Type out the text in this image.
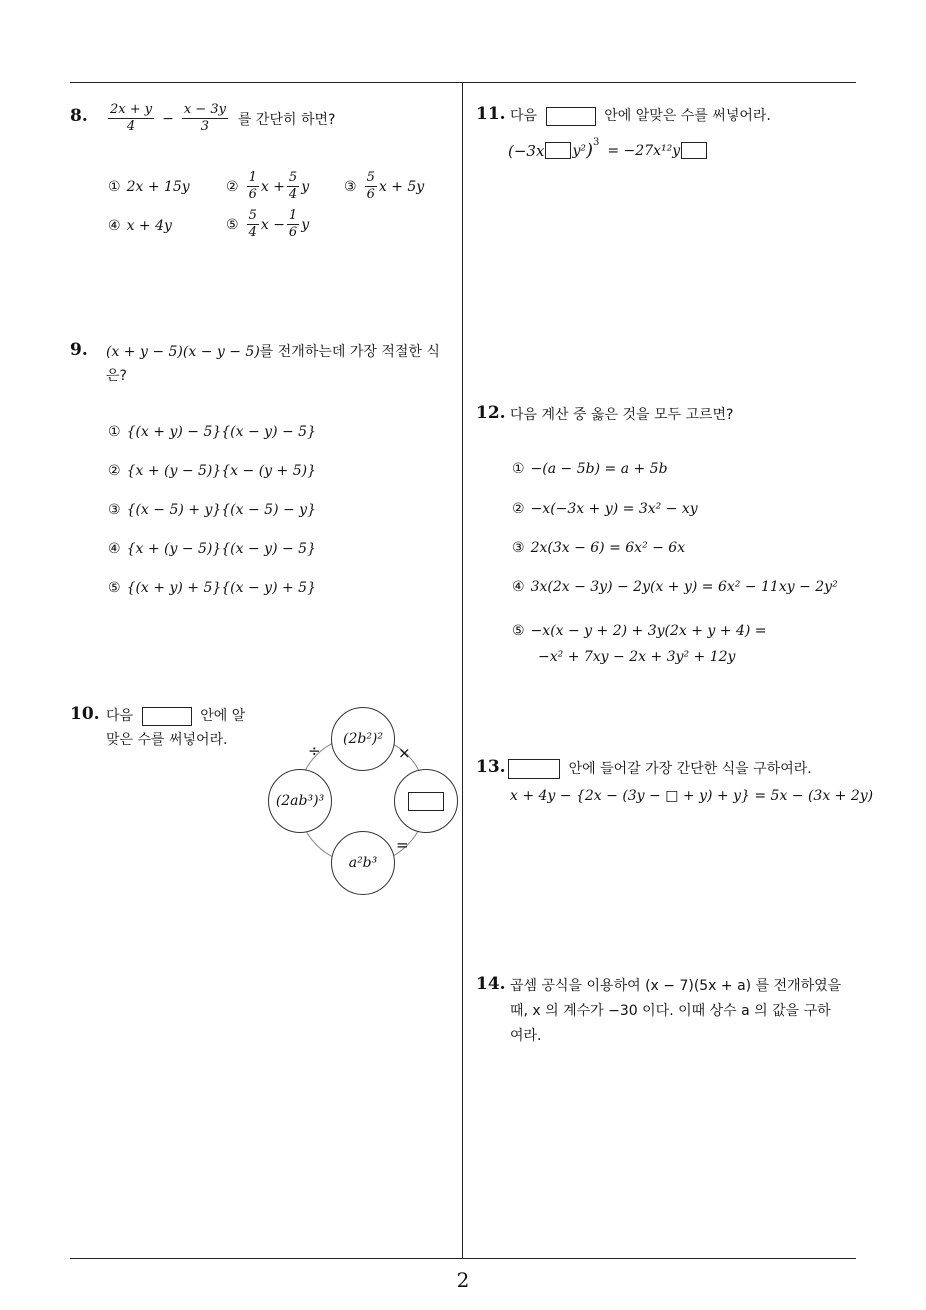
2
8. $\frac{2x + y}{4} - \frac{x - 3y}{3}$ 를 간단히 하면?
① 2x + 15y	② $\frac{1}{6}$ $x + \frac{5}{4}$ y ③ $\frac{5}{6}$ x + 5y
④ x + 4y	⑤ $\frac{5}{4}$ $x - \frac{1}{6}$ y
9. (x + y − 5)(x − y − 5)를 전개하는데 가장 적절한 식
은?
① {(x + y) − 5}{(x − y) − 5}
② {x + (y − 5)}{x − (y + 5)}
③ {(x − 5) + y}{(x − 5) − y}
④ {x + (y − 5)}{(x − y) − 5}
⑤ {(x + y) + 5}{(x − y) + 5}
10. 다음	안에 알
맞은 수를 써넣어라.	(2b²)²
(2ab³)³
a²b³
÷	×
=
11. 다음	안에 알맞은 수를 써넣어라.
(−3x y² )$^3$ = −27x¹²y
12. 다음 계산 중 옳은 것을 모두 고르면?
① −(a − 5b) = a + 5b
② −x(−3x + y) = 3x² − xy
③ 2x(3x − 6) = 6x² − 6x
④ 3x(2x − 3y) − 2y(x + y) = 6x² − 11xy − 2y²
⑤ −x(x − y + 2) + 3y(2x + y + 4) =
−x² + 7xy − 2x + 3y² + 12y
13.	안에 들어갈 가장 간단한 식을 구하여라.
x + 4y − {2x − (3y − □ + y) + y} = 5x − (3x + 2y)
14. 곱셈 공식을 이용하여 (x − 7)(5x + a) 를 전개하였을
때, x 의 계수가 −30 이다. 이때 상수 a 의 값을 구하
여라.
